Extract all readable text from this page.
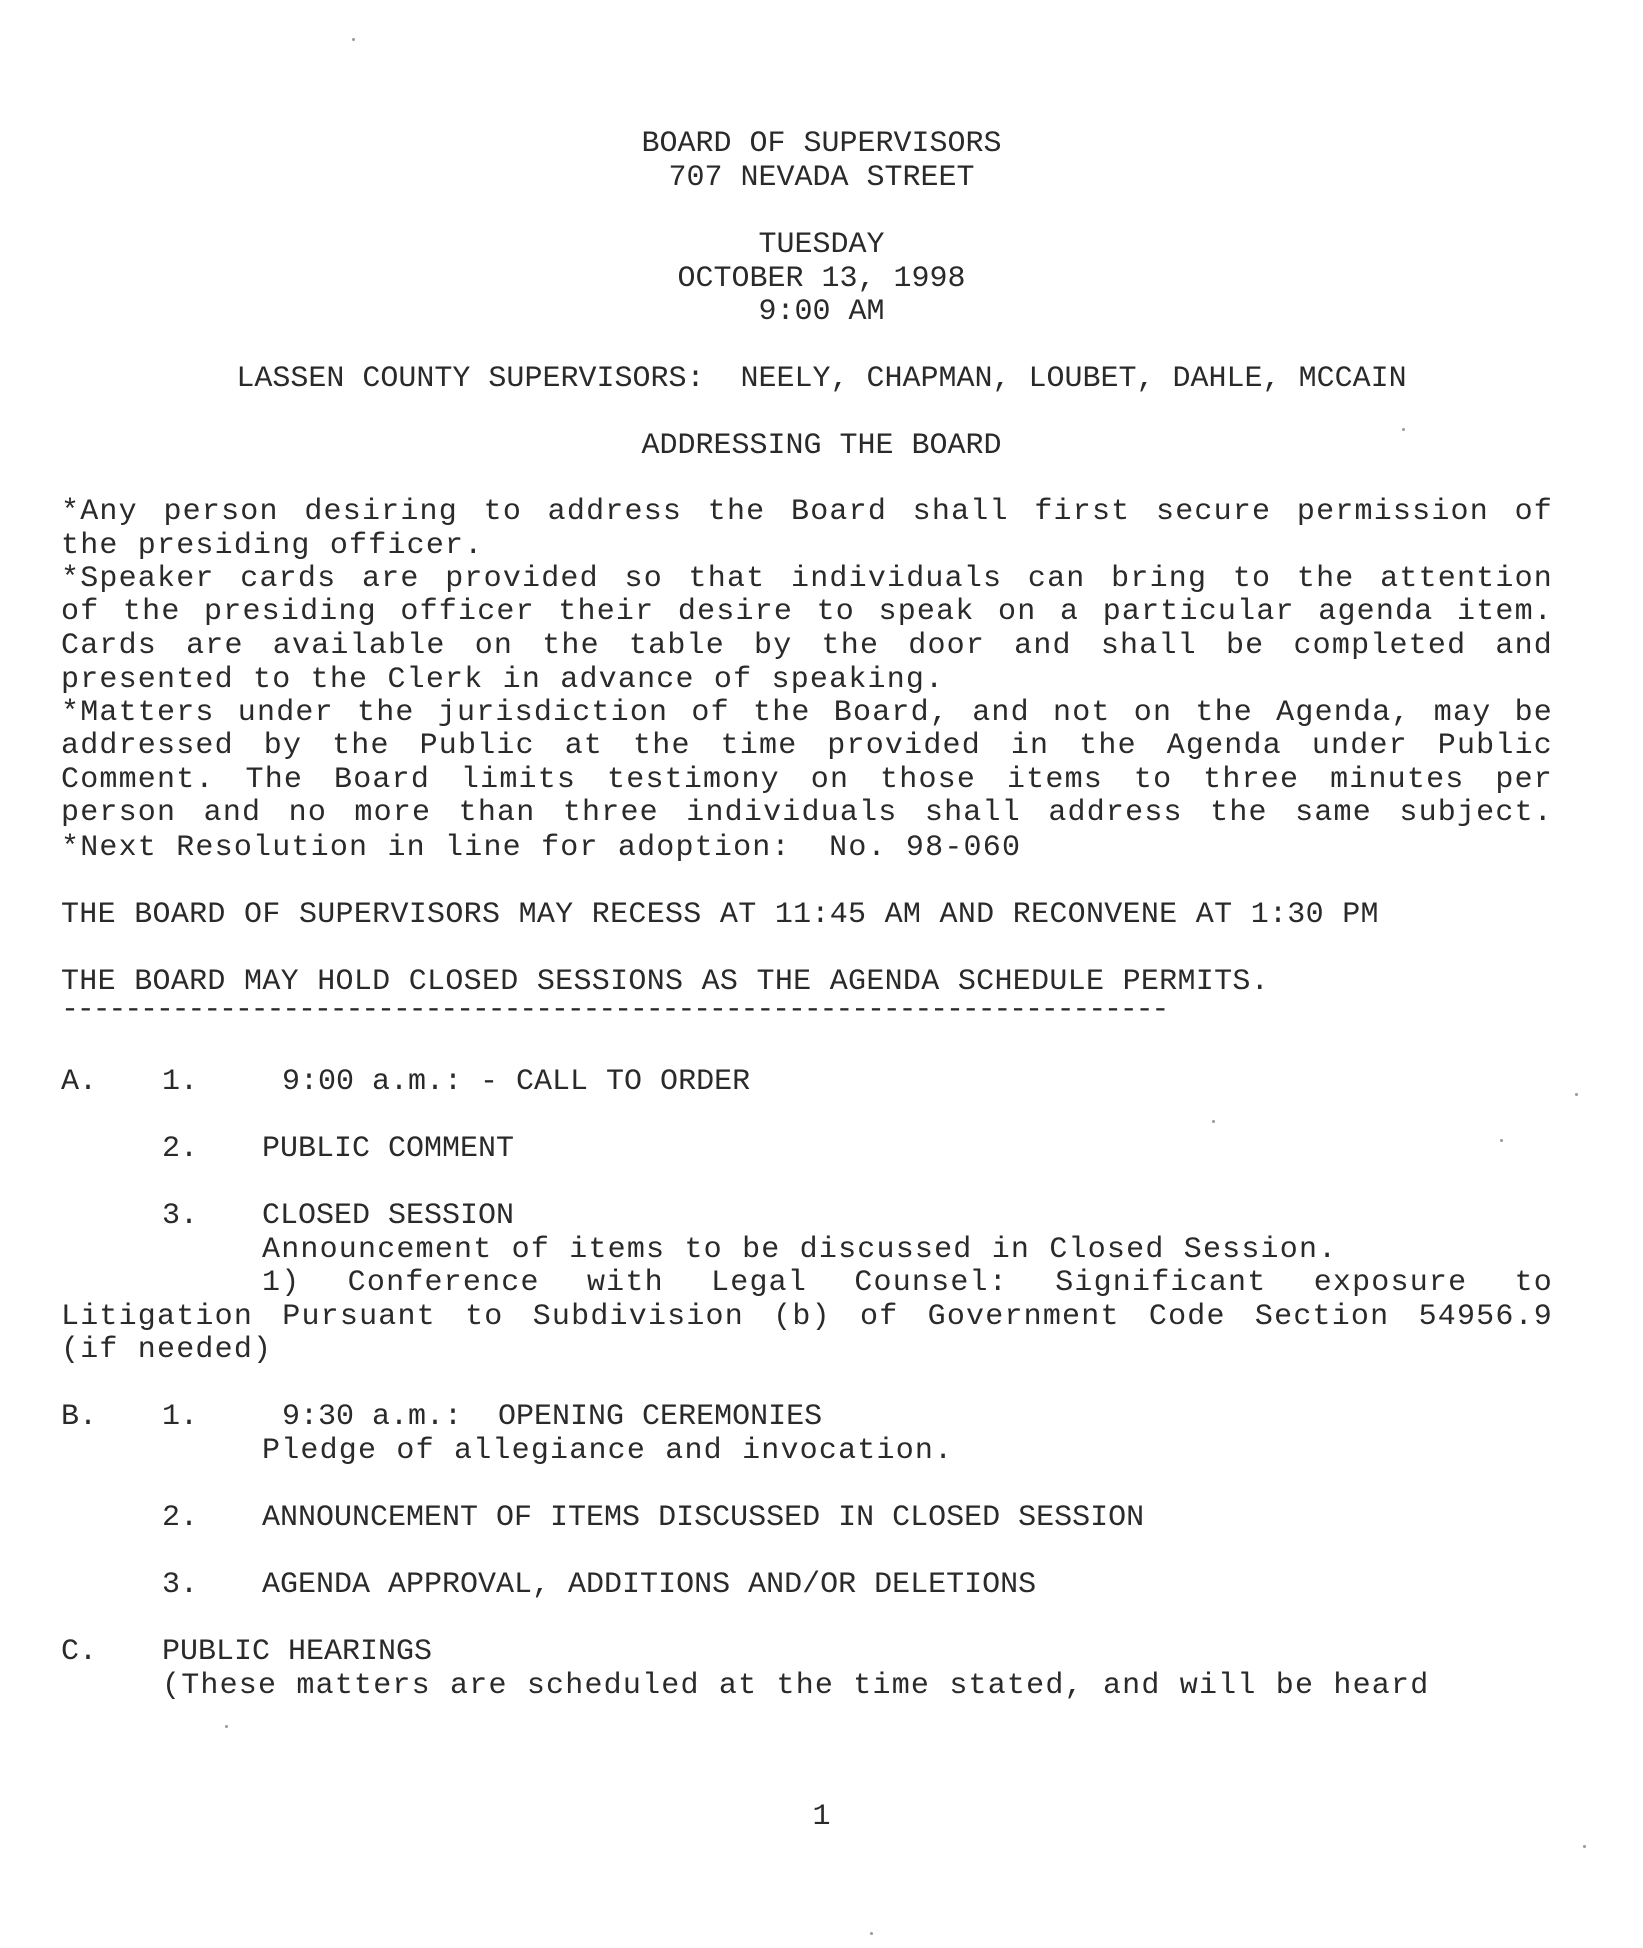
BOARD OF SUPERVISORS
707 NEVADA STREET
TUESDAY
OCTOBER 13, 1998
9:00 AM
LASSEN COUNTY SUPERVISORS:  NEELY, CHAPMAN, LOUBET, DAHLE, MCCAIN
ADDRESSING THE BOARD
*Any person desiring to address the Board shall first secure permission of
the presiding officer.
*Speaker cards are provided so that individuals can bring to the attention
of the presiding officer their desire to speak on a particular agenda item.
Cards are available on the table by the door and shall be completed and
presented to the Clerk in advance of speaking.
*Matters under the jurisdiction of the Board, and not on the Agenda, may be
addressed by the Public at the time provided in the Agenda under Public
Comment. The Board limits testimony on those items to three minutes per
person and no more than three individuals shall address the same subject.
*Next Resolution in line for adoption:  No. 98-060
THE BOARD OF SUPERVISORS MAY RECESS AT 11:45 AM AND RECONVENE AT 1:30 PM
THE BOARD MAY HOLD CLOSED SESSIONS AS THE AGENDA SCHEDULE PERMITS.
----------------------------------------------------------------------
A. 1.	9:00 a.m.: - CALL TO ORDER
2. PUBLIC COMMENT
3. CLOSED SESSION
Announcement of items to be discussed in Closed Session.
1) Conference with Legal Counsel: Significant exposure to
Litigation Pursuant to Subdivision (b) of Government Code Section 54956.9
(if needed)
B. 1.	9:30 a.m.:  OPENING CEREMONIES
Pledge of allegiance and invocation.
2. ANNOUNCEMENT OF ITEMS DISCUSSED IN CLOSED SESSION
3. AGENDA APPROVAL, ADDITIONS AND/OR DELETIONS
C. PUBLIC HEARINGS
(These matters are scheduled at the time stated, and will be heard
1
